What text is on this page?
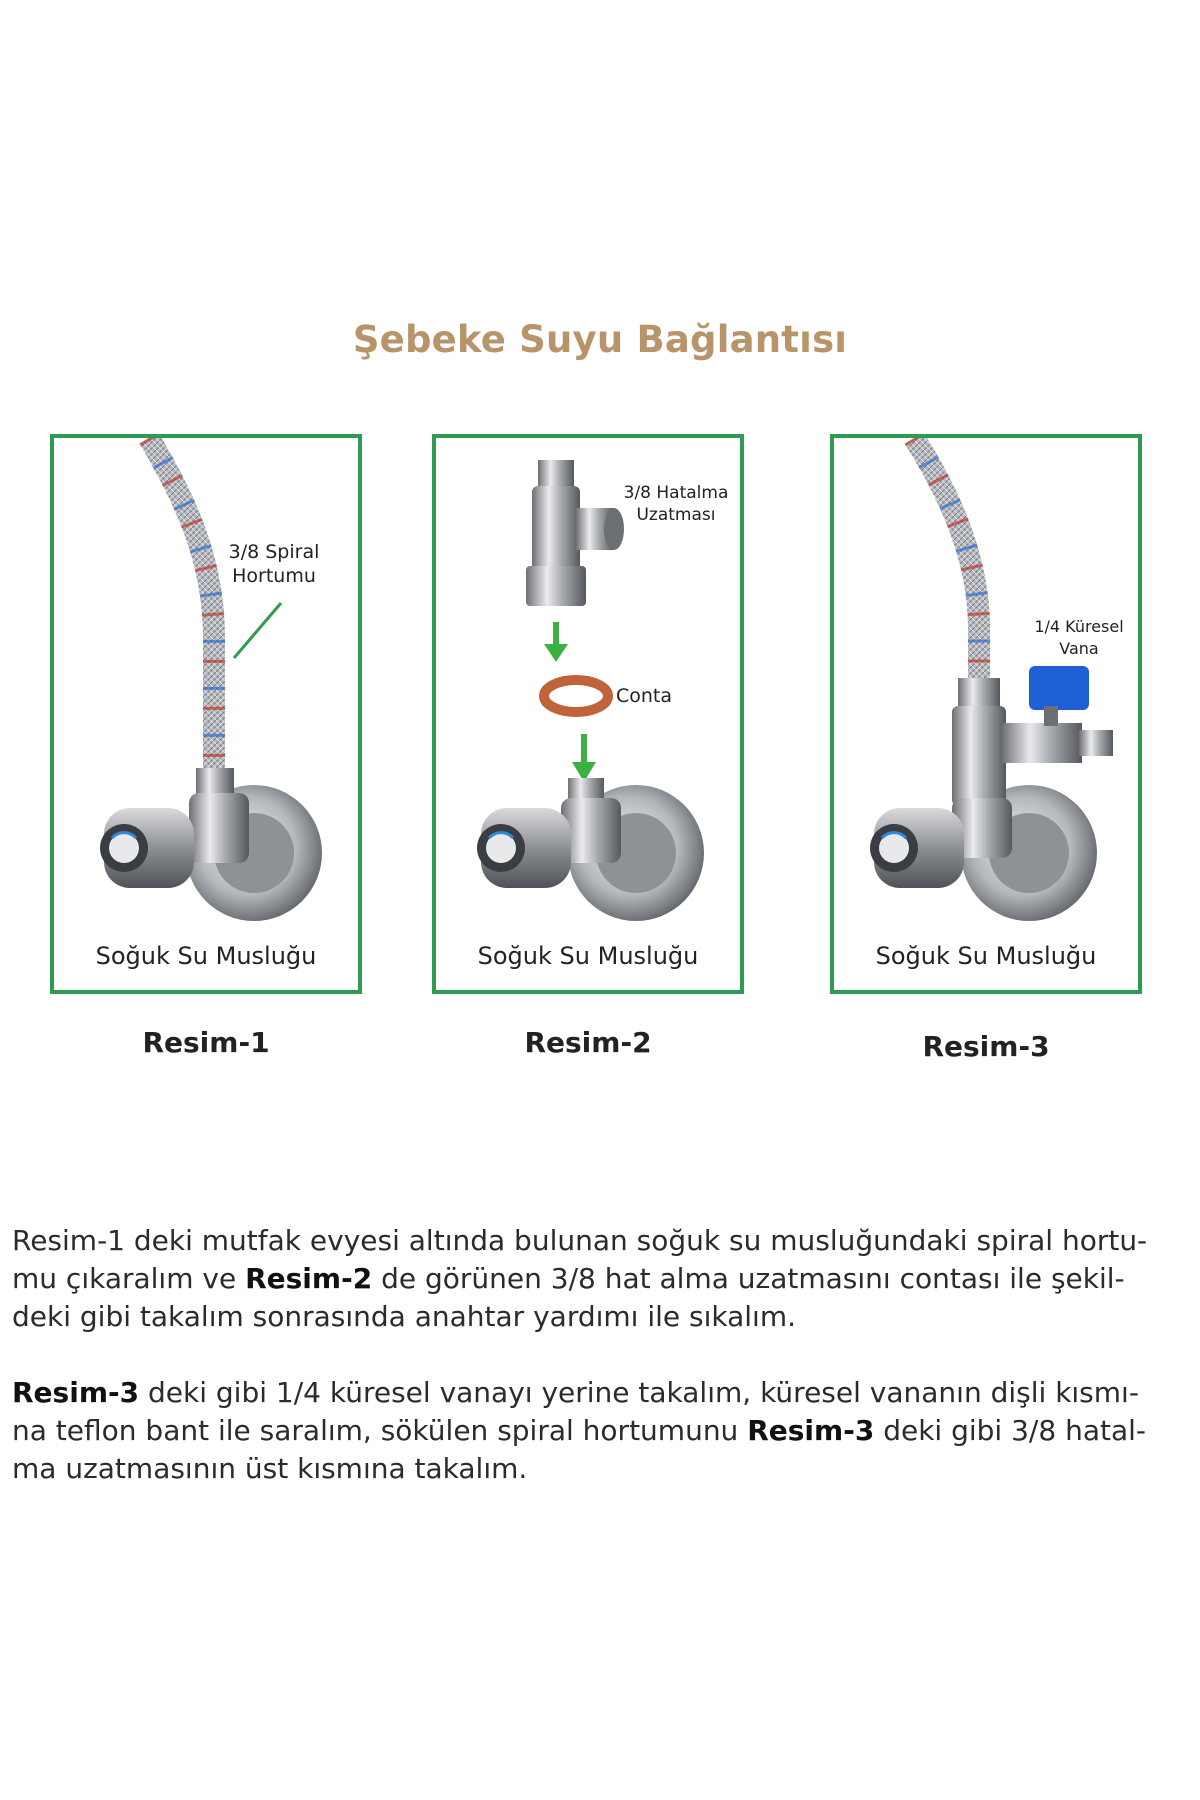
Şebeke Suyu Bağlantısı
3/8 Spiral
Hortumu
Soğuk Su Musluğu
3/8 Hatalma
Uzatması
Conta
Soğuk Su Musluğu
1/4 Küresel
Vana
Soğuk Su Musluğu
Resim-1	Resim-2	Resim-3
Resim-1 deki mutfak evyesi altında bulunan soğuk su musluğundaki spiral hortu-
mu çıkaralım ve Resim-2 de görünen 3/8 hat alma uzatmasını contası ile şekil-
deki gibi takalım sonrasında anahtar yardımı ile sıkalım.
Resim-3 deki gibi 1/4 küresel vanayı yerine takalım, küresel vananın dişli kısmı-
na teflon bant ile saralım, sökülen spiral hortumunu Resim-3 deki gibi 3/8 hatal-
ma uzatmasının üst kısmına takalım.
